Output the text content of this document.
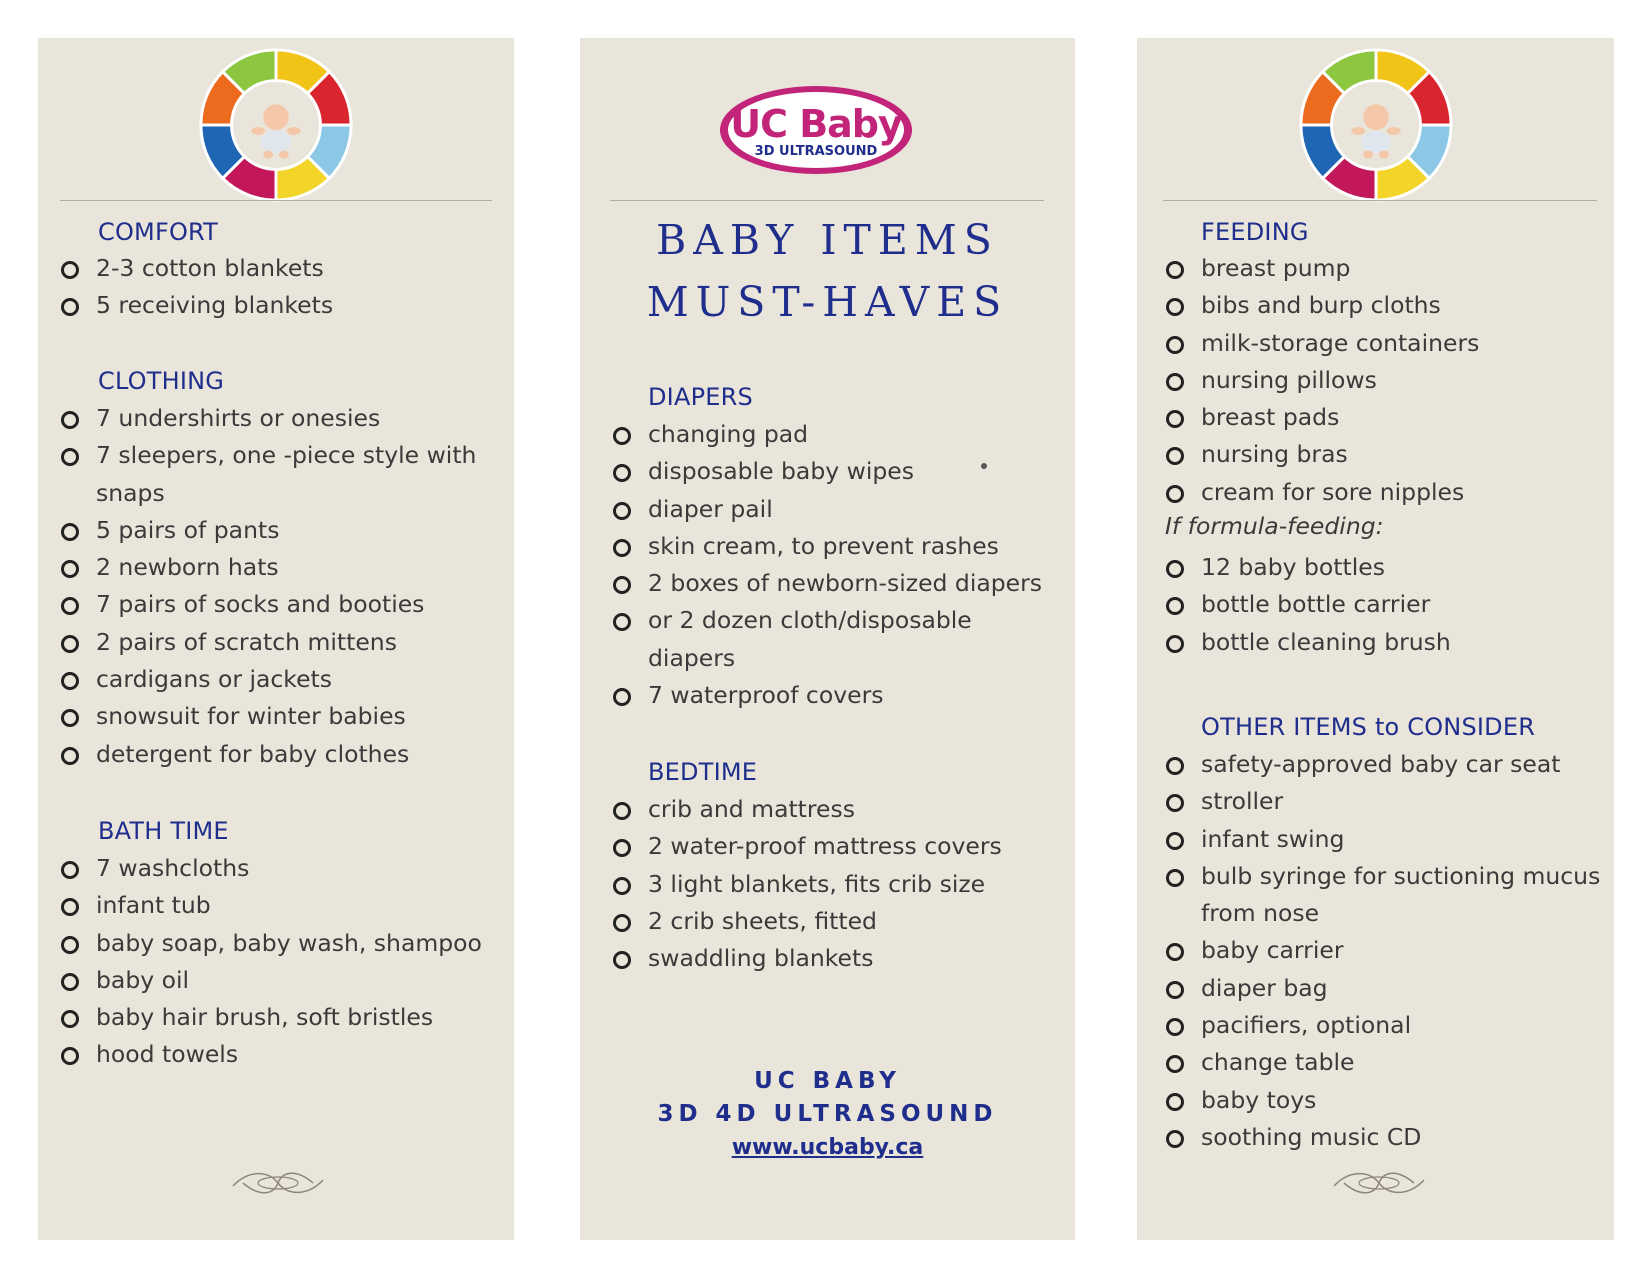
COMFORT
2-3 cotton blankets
5 receiving blankets
CLOTHING
7 undershirts or onesies
7 sleepers, one -piece style with
snaps
5 pairs of pants
2 newborn hats
7 pairs of socks and booties
2 pairs of scratch mittens
cardigans or jackets
snowsuit for winter babies
detergent for baby clothes
BATH TIME
7 washcloths
infant tub
baby soap, baby wash, shampoo
baby oil
baby hair brush, soft bristles
hood towels
UC Baby
3D ULTRASOUND
BABY ITEMS
MUST-HAVES
DIAPERS
changing pad
disposable baby wipes
diaper pail
skin cream, to prevent rashes
2 boxes of newborn-sized diapers
or 2 dozen cloth/disposable
diapers
7 waterproof covers
BEDTIME
crib and mattress
2 water-proof mattress covers
3 light blankets, fits crib size
2 crib sheets, fitted
swaddling blankets
UC BABY
3D 4D ULTRASOUND
www.ucbaby.ca
FEEDING
breast pump
bibs and burp cloths
milk-storage containers
nursing pillows
breast pads
nursing bras
cream for sore nipples
If formula-feeding:
12 baby bottles
bottle bottle carrier
bottle cleaning brush
OTHER ITEMS to CONSIDER
safety-approved baby car seat
stroller
infant swing
bulb syringe for suctioning mucus
from nose
baby carrier
diaper bag
pacifiers, optional
change table
baby toys
soothing music CD
